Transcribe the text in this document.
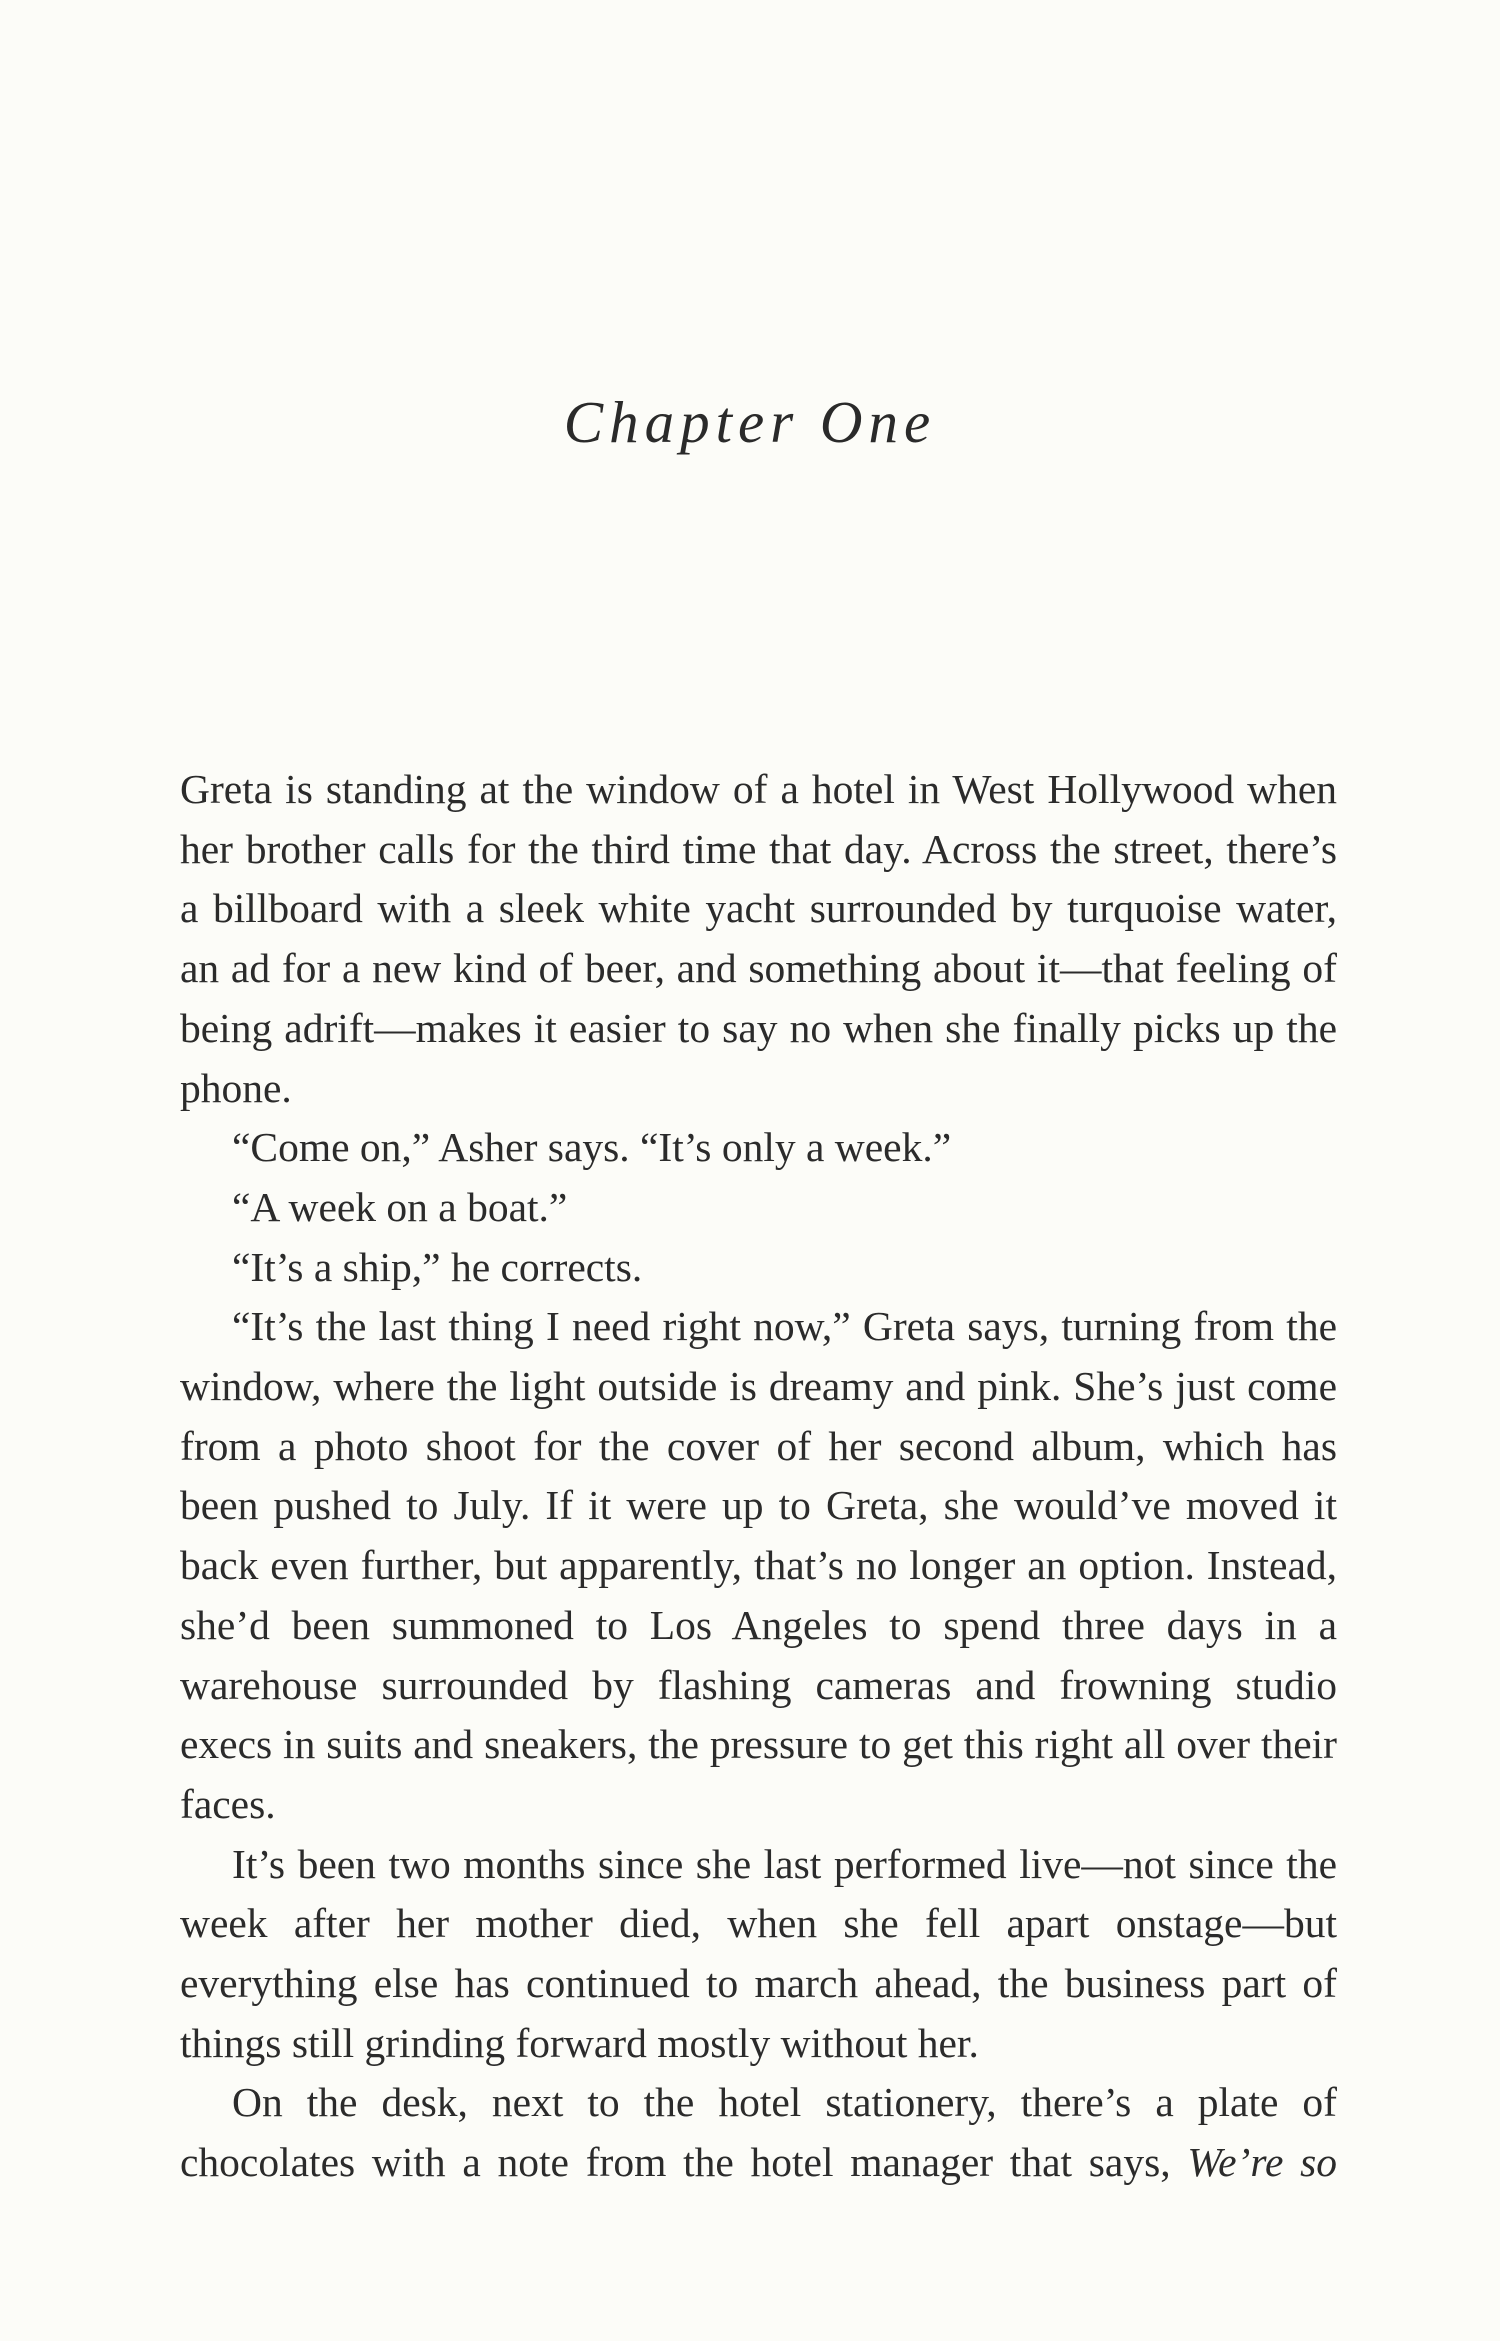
Chapter One

Greta is standing at the window of a hotel in West Hollywood when her brother calls for the third time that day. Across the street, there’s a billboard with a sleek white yacht surrounded by turquoise water, an ad for a new kind of beer, and something about it—that feeling of being adrift—makes it easier to say no when she finally picks up the phone.

“Come on,” Asher says. “It’s only a week.”

“A week on a boat.”

“It’s a ship,” he corrects.

“It’s the last thing I need right now,” Greta says, turning from the window, where the light outside is dreamy and pink. She’s just come from a photo shoot for the cover of her second album, which has been pushed to July. If it were up to Greta, she would’ve moved it back even further, but apparently, that’s no longer an option. Instead, she’d been summoned to Los Angeles to spend three days in a warehouse surrounded by flashing cameras and frowning studio execs in suits and sneakers, the pressure to get this right all over their faces.

It’s been two months since she last performed live—not since the week after her mother died, when she fell apart onstage—but everything else has continued to march ahead, the business part of things still grinding forward mostly without her.

On the desk, next to the hotel stationery, there’s a plate of chocolates with a note from the hotel manager that says, We’re so
